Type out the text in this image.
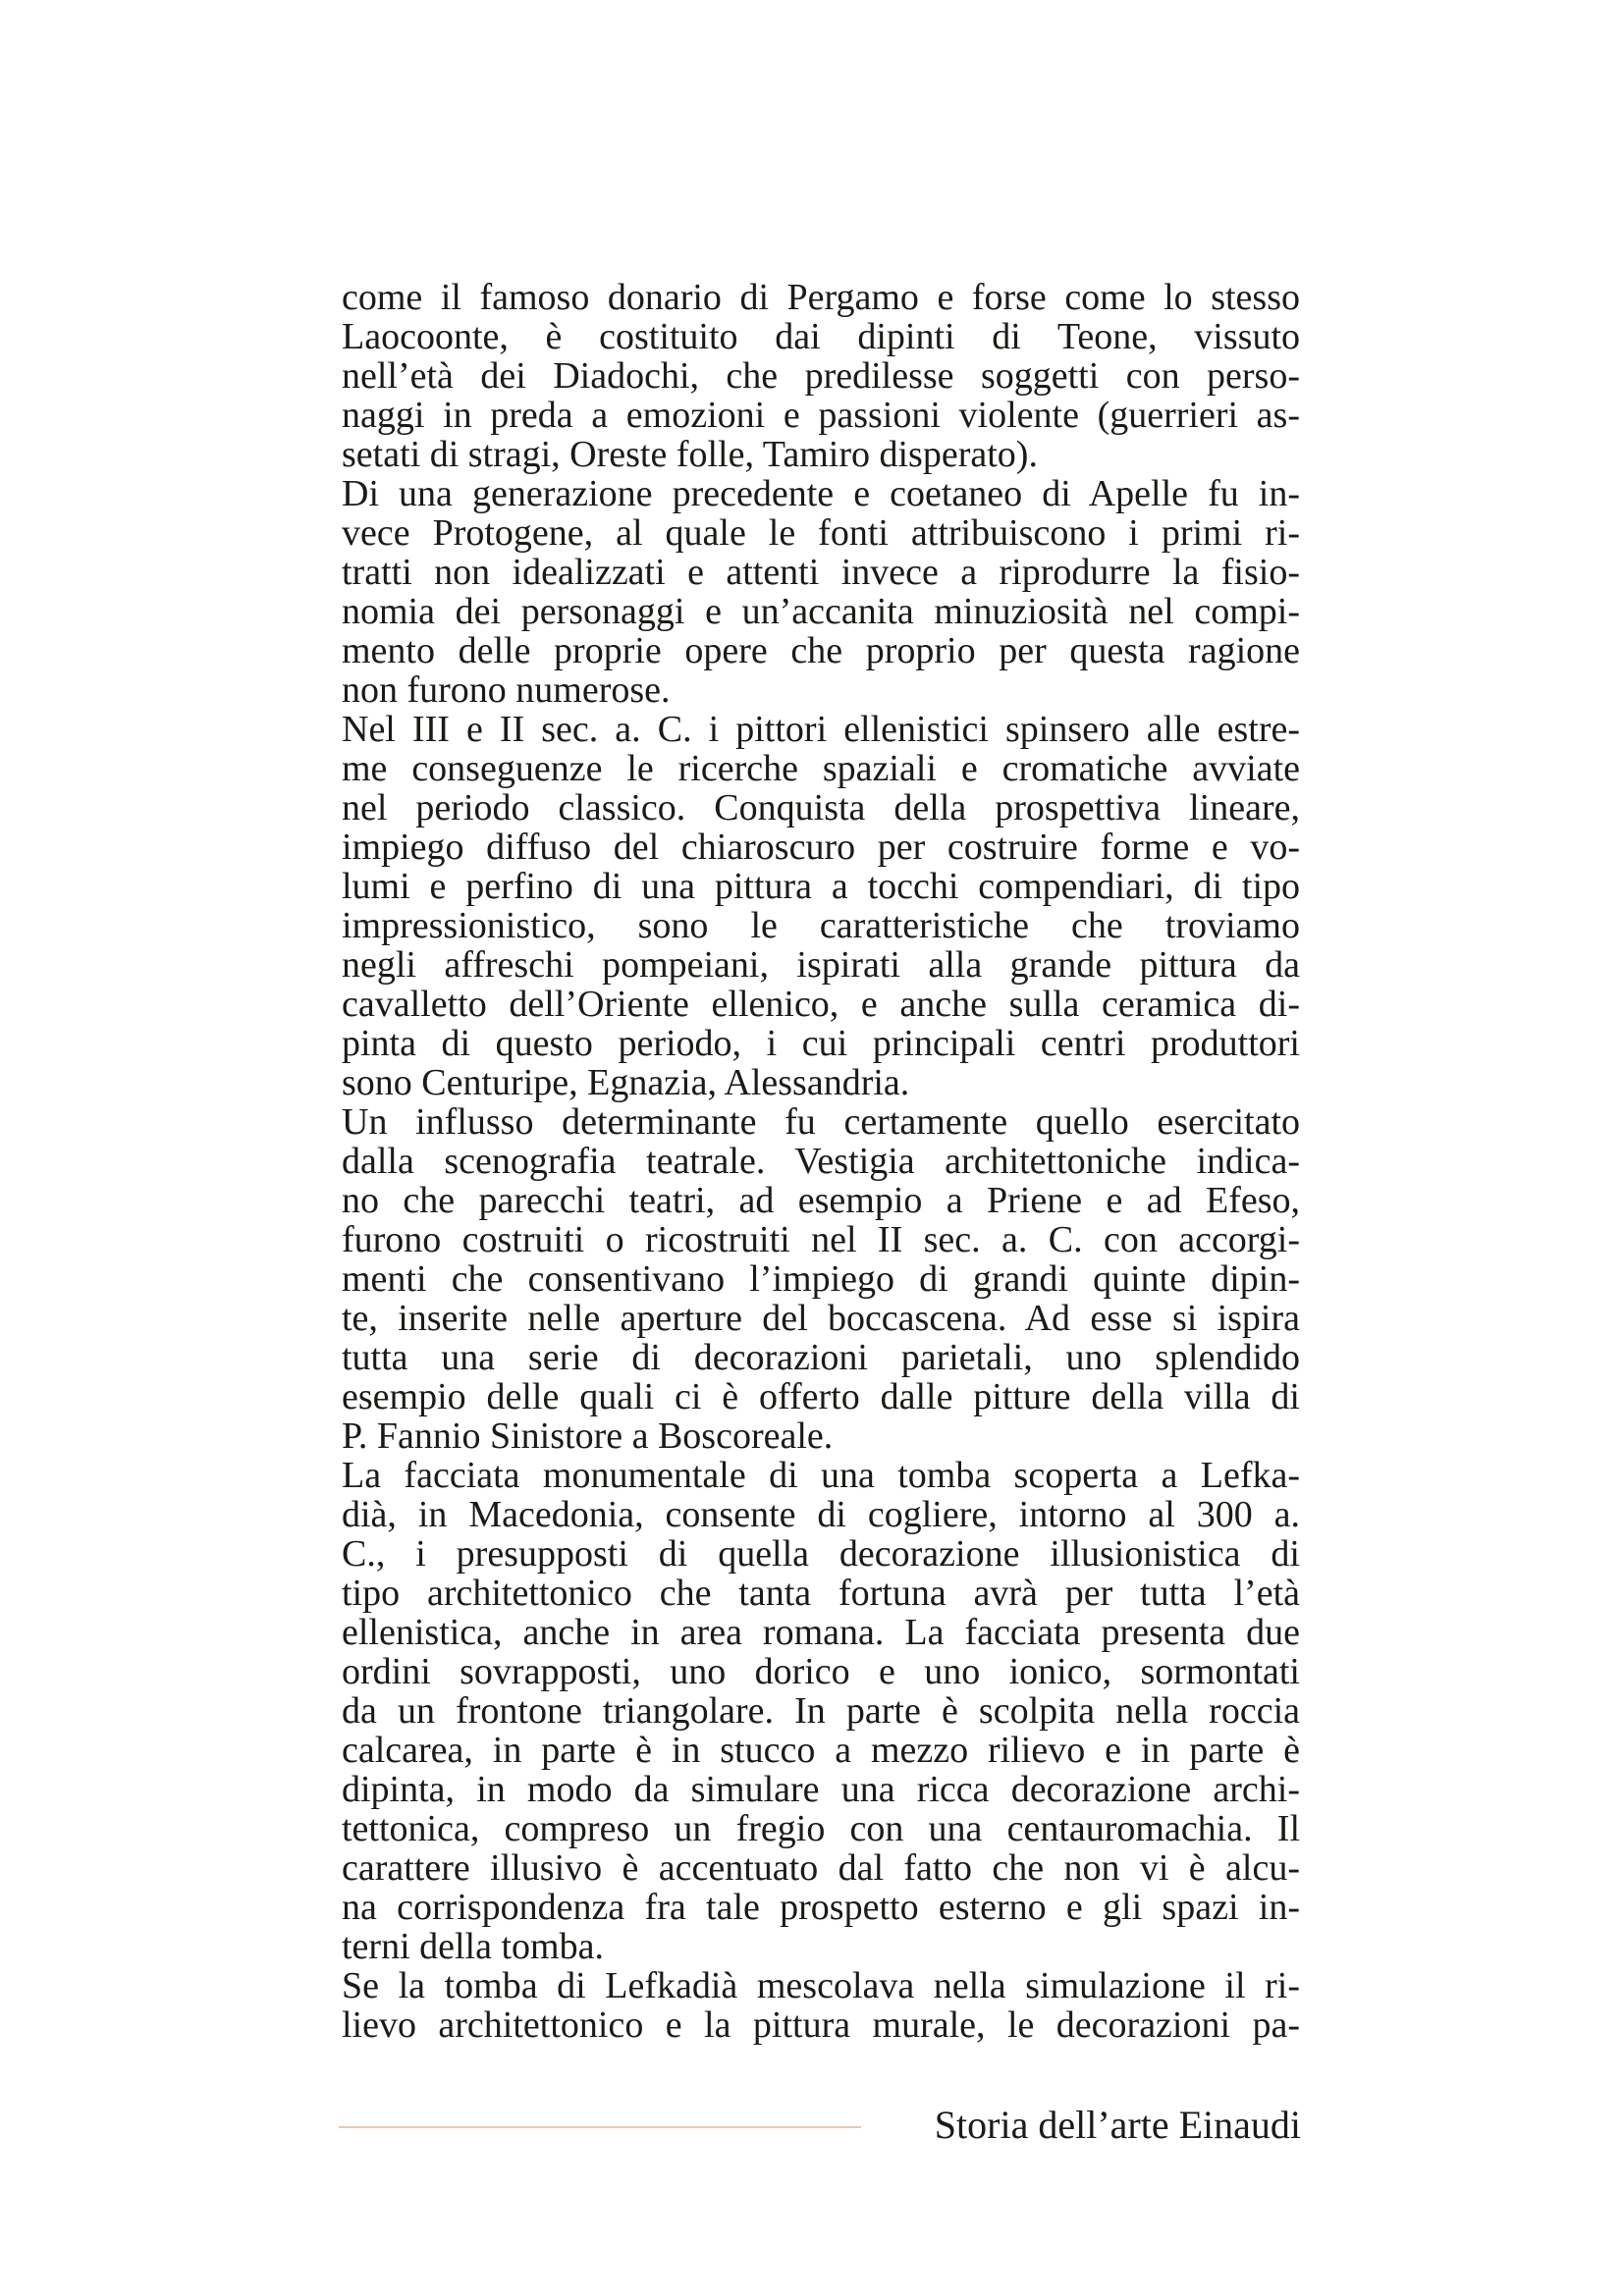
come il famoso donario di Pergamo e forse come lo stesso
Laocoonte, è costituito dai dipinti di Teone, vissuto
nell’età dei Diadochi, che predilesse soggetti con perso-
naggi in preda a emozioni e passioni violente (guerrieri as-
setati di stragi, Oreste folle, Tamiro disperato).
Di una generazione precedente e coetaneo di Apelle fu in-
vece Protogene, al quale le fonti attribuiscono i primi ri-
tratti non idealizzati e attenti invece a riprodurre la fisio-
nomia dei personaggi e un’accanita minuziosità nel compi-
mento delle proprie opere che proprio per questa ragione
non furono numerose.
Nel III e II sec. a. C. i pittori ellenistici spinsero alle estre-
me conseguenze le ricerche spaziali e cromatiche avviate
nel periodo classico. Conquista della prospettiva lineare,
impiego diffuso del chiaroscuro per costruire forme e vo-
lumi e perfino di una pittura a tocchi compendiari, di tipo
impressionistico, sono le caratteristiche che troviamo
negli affreschi pompeiani, ispirati alla grande pittura da
cavalletto dell’Oriente ellenico, e anche sulla ceramica di-
pinta di questo periodo, i cui principali centri produttori
sono Centuripe, Egnazia, Alessandria.
Un influsso determinante fu certamente quello esercitato
dalla scenografia teatrale. Vestigia architettoniche indica-
no che parecchi teatri, ad esempio a Priene e ad Efeso,
furono costruiti o ricostruiti nel II sec. a. C. con accorgi-
menti che consentivano l’impiego di grandi quinte dipin-
te, inserite nelle aperture del boccascena. Ad esse si ispira
tutta una serie di decorazioni parietali, uno splendido
esempio delle quali ci è offerto dalle pitture della villa di
P. Fannio Sinistore a Boscoreale.
La facciata monumentale di una tomba scoperta a Lefka-
dià, in Macedonia, consente di cogliere, intorno al 300 a.
C., i presupposti di quella decorazione illusionistica di
tipo architettonico che tanta fortuna avrà per tutta l’età
ellenistica, anche in area romana. La facciata presenta due
ordini sovrapposti, uno dorico e uno ionico, sormontati
da un frontone triangolare. In parte è scolpita nella roccia
calcarea, in parte è in stucco a mezzo rilievo e in parte è
dipinta, in modo da simulare una ricca decorazione archi-
tettonica, compreso un fregio con una centauromachia. Il
carattere illusivo è accentuato dal fatto che non vi è alcu-
na corrispondenza fra tale prospetto esterno e gli spazi in-
terni della tomba.
Se la tomba di Lefkadià mescolava nella simulazione il ri-
lievo architettonico e la pittura murale, le decorazioni pa-
Storia dell’arte Einaudi
